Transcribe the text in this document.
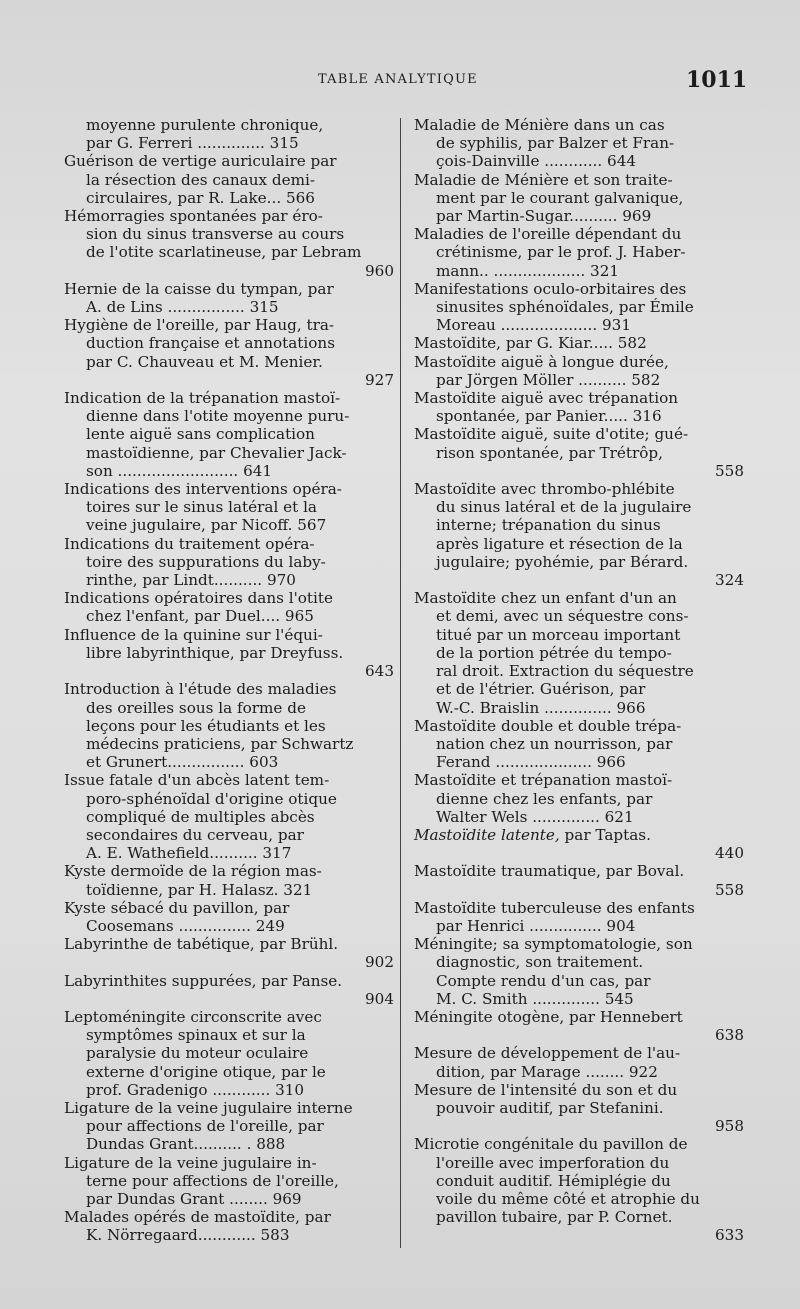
TABLE ANALYTIQUE	1011
moyenne purulente chronique,
par G. Ferreri .............. 315
Guérison de vertige auriculaire par
la résection des canaux demi-
circulaires, par R. Lake... 566
Hémorragies spontanées par éro-
sion du sinus transverse au cours
de l'otite scarlatineuse, par Lebram
960
Hernie de la caisse du tympan, par
A. de Lins ................ 315
Hygiène de l'oreille, par Haug, tra-
duction française et annotations
par C. Chauveau et M. Menier.
927
Indication de la trépanation mastoï-
dienne dans l'otite moyenne puru-
lente aiguë sans complication
mastoïdienne, par Chevalier Jack-
son ......................... 641
Indications des interventions opéra-
toires sur le sinus latéral et la
veine jugulaire, par Nicoff. 567
Indications du traitement opéra-
toire des suppurations du laby-
rinthe, par Lindt.......... 970
Indications opératoires dans l'otite
chez l'enfant, par Duel.... 965
Influence de la quinine sur l'équi-
libre labyrinthique, par Dreyfuss.
643
Introduction à l'étude des maladies
des oreilles sous la forme de
leçons pour les étudiants et les
médecins praticiens, par Schwartz
et Grunert................ 603
Issue fatale d'un abcès latent tem-
poro-sphénoïdal d'origine otique
compliqué de multiples abcès
secondaires du cerveau, par
A. E. Wathefield.......... 317
Kyste dermoïde de la région mas-
toïdienne, par H. Halasz. 321
Kyste sébacé du pavillon, par
Coosemans ............... 249
Labyrinthe de tabétique, par Brühl.
902
Labyrinthites suppurées, par Panse.
904
Leptoméningite circonscrite avec
symptômes spinaux et sur la
paralysie du moteur oculaire
externe d'origine otique, par le
prof. Gradenigo ............ 310
Ligature de la veine jugulaire interne
pour affections de l'oreille, par
Dundas Grant.......... . 888
Ligature de la veine jugulaire in-
terne pour affections de l'oreille,
par Dundas Grant ........ 969
Malades opérés de mastoïdite, par
K. Nörregaard............ 583
Maladie de Ménière dans un cas
de syphilis, par Balzer et Fran-
çois-Dainville ............ 644
Maladie de Ménière et son traite-
ment par le courant galvanique,
par Martin-Sugar.......... 969
Maladies de l'oreille dépendant du
crétinisme, par le prof. J. Haber-
mann.. ................... 321
Manifestations oculo-orbitaires des
sinusites sphénoïdales, par Émile
Moreau .................... 931
Mastoïdite, par G. Kiar..... 582
Mastoïdite aiguë à longue durée,
par Jörgen Möller .......... 582
Mastoïdite aiguë avec trépanation
spontanée, par Panier..... 316
Mastoïdite aiguë, suite d'otite; gué-
rison spontanée, par Trétrôp,
558
Mastoïdite avec thrombo-phlébite
du sinus latéral et de la jugulaire
interne; trépanation du sinus
après ligature et résection de la
jugulaire; pyohémie, par Bérard.
324
Mastoïdite chez un enfant d'un an
et demi, avec un séquestre cons-
titué par un morceau important
de la portion pétrée du tempo-
ral droit. Extraction du séquestre
et de l'étrier. Guérison, par
W.-C. Braislin .............. 966
Mastoïdite double et double trépa-
nation chez un nourrisson, par
Ferand .................... 966
Mastoïdite et trépanation mastoï-
dienne chez les enfants, par
Walter Wels .............. 621
Mastoïdite latente, par Taptas.
440
Mastoïdite traumatique, par Boval.
558
Mastoïdite tuberculeuse des enfants
par Henrici ............... 904
Méningite; sa symptomatologie, son
diagnostic, son traitement.
Compte rendu d'un cas, par
M. C. Smith .............. 545
Méningite otogène, par Hennebert
638
Mesure de développement de l'au-
dition, par Marage ........ 922
Mesure de l'intensité du son et du
pouvoir auditif, par Stefanini.
958
Microtie congénitale du pavillon de
l'oreille avec imperforation du
conduit auditif. Hémiplégie du
voile du même côté et atrophie du
pavillon tubaire, par P. Cornet.
633
